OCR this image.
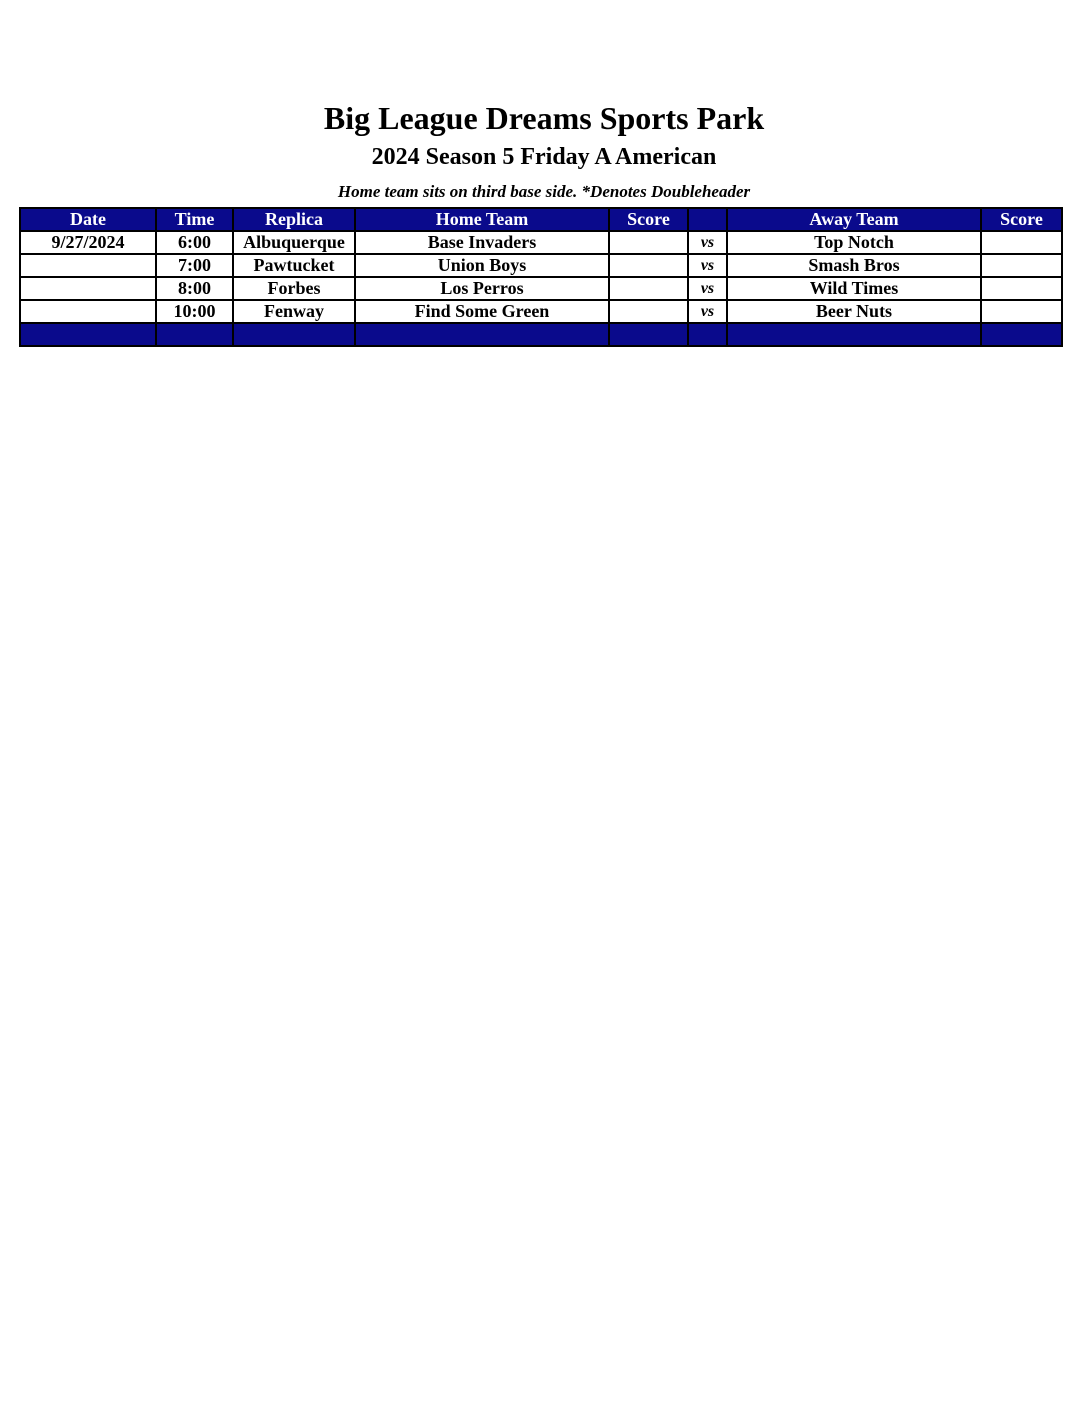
Big League Dreams Sports Park
2024 Season 5 Friday A American
Home team sits on third base side. *Denotes Doubleheader
Date	Time	Replica	Home Team	Score		Away Team	Score
9/27/2024	6:00	Albuquerque	Base Invaders		vs	Top Notch	
	7:00	Pawtucket	Union Boys		vs	Smash Bros	
	8:00	Forbes	Los Perros		vs	Wild Times	
	10:00	Fenway	Find Some Green		vs	Beer Nuts	
